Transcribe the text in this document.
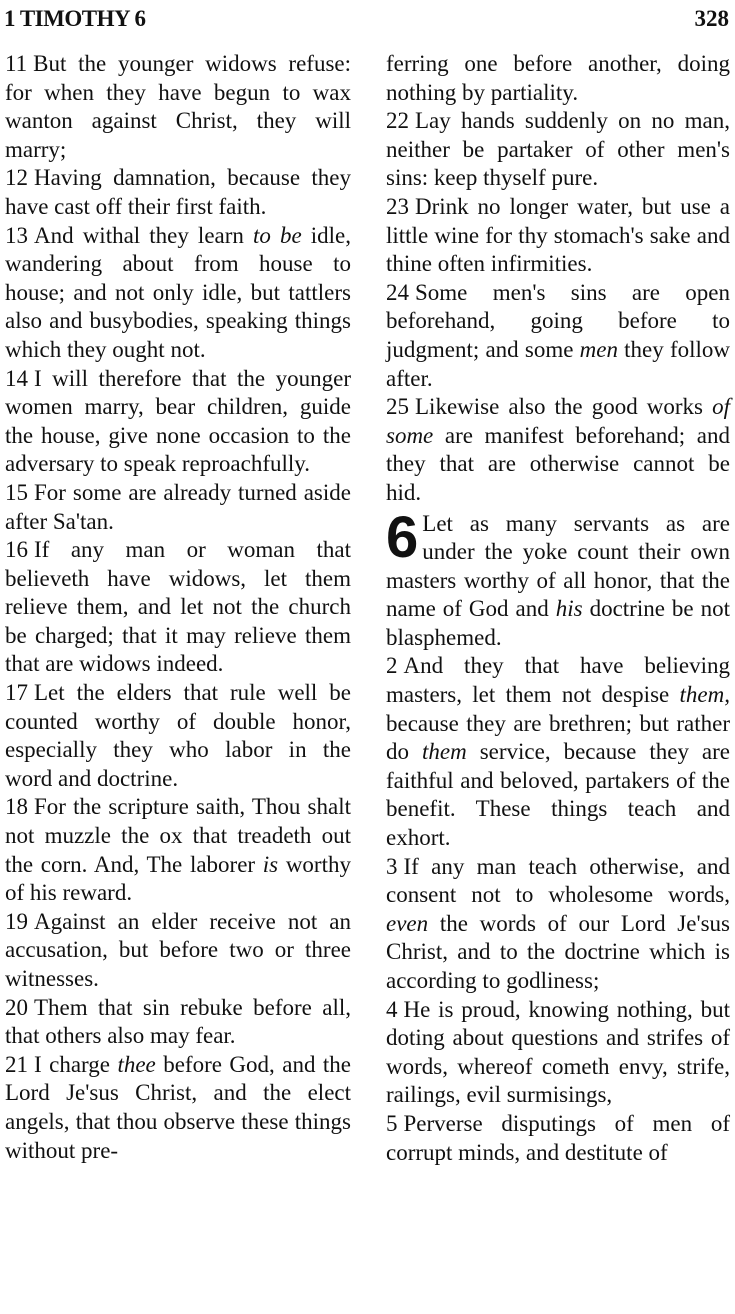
1 TIMOTHY 6	328

11 But the younger widows refuse: for when they have begun to wax wanton against Christ, they will marry;

12 Having damnation, because they have cast off their first faith.

13 And withal they learn to be idle, wandering about from house to house; and not only idle, but tattlers also and busybodies, speaking things which they ought not.

14 I will therefore that the younger women marry, bear children, guide the house, give none occasion to the adversary to speak reproachfully.

15 For some are already turned aside after Sa'tan.

16 If any man or woman that believeth have widows, let them relieve them, and let not the church be charged; that it may relieve them that are widows indeed.

17 Let the elders that rule well be counted worthy of double honor, especially they who labor in the word and doctrine.

18 For the scripture saith, Thou shalt not muzzle the ox that treadeth out the corn. And, The laborer is worthy of his reward.

19 Against an elder receive not an accusation, but before two or three witnesses.

20 Them that sin rebuke before all, that others also may fear.

21 I charge thee before God, and the Lord Je'sus Christ, and the elect angels, that thou observe these things without pre-

ferring one before another, doing nothing by partiality.

22 Lay hands suddenly on no man, neither be partaker of other men's sins: keep thyself pure.

23 Drink no longer water, but use a little wine for thy stomach's sake and thine often infirmities.

24 Some men's sins are open beforehand, going before to judgment; and some men they follow after.

25 Likewise also the good works of some are manifest beforehand; and they that are otherwise cannot be hid.

6 Let as many servants as are under the yoke count their own masters worthy of all honor, that the name of God and his doctrine be not blasphemed.

2 And they that have believing masters, let them not despise them, because they are brethren; but rather do them service, because they are faithful and beloved, partakers of the benefit. These things teach and exhort.

3 If any man teach otherwise, and consent not to wholesome words, even the words of our Lord Je'sus Christ, and to the doctrine which is according to godliness;

4 He is proud, knowing nothing, but doting about questions and strifes of words, whereof cometh envy, strife, railings, evil surmisings,

5 Perverse disputings of men of corrupt minds, and destitute of
